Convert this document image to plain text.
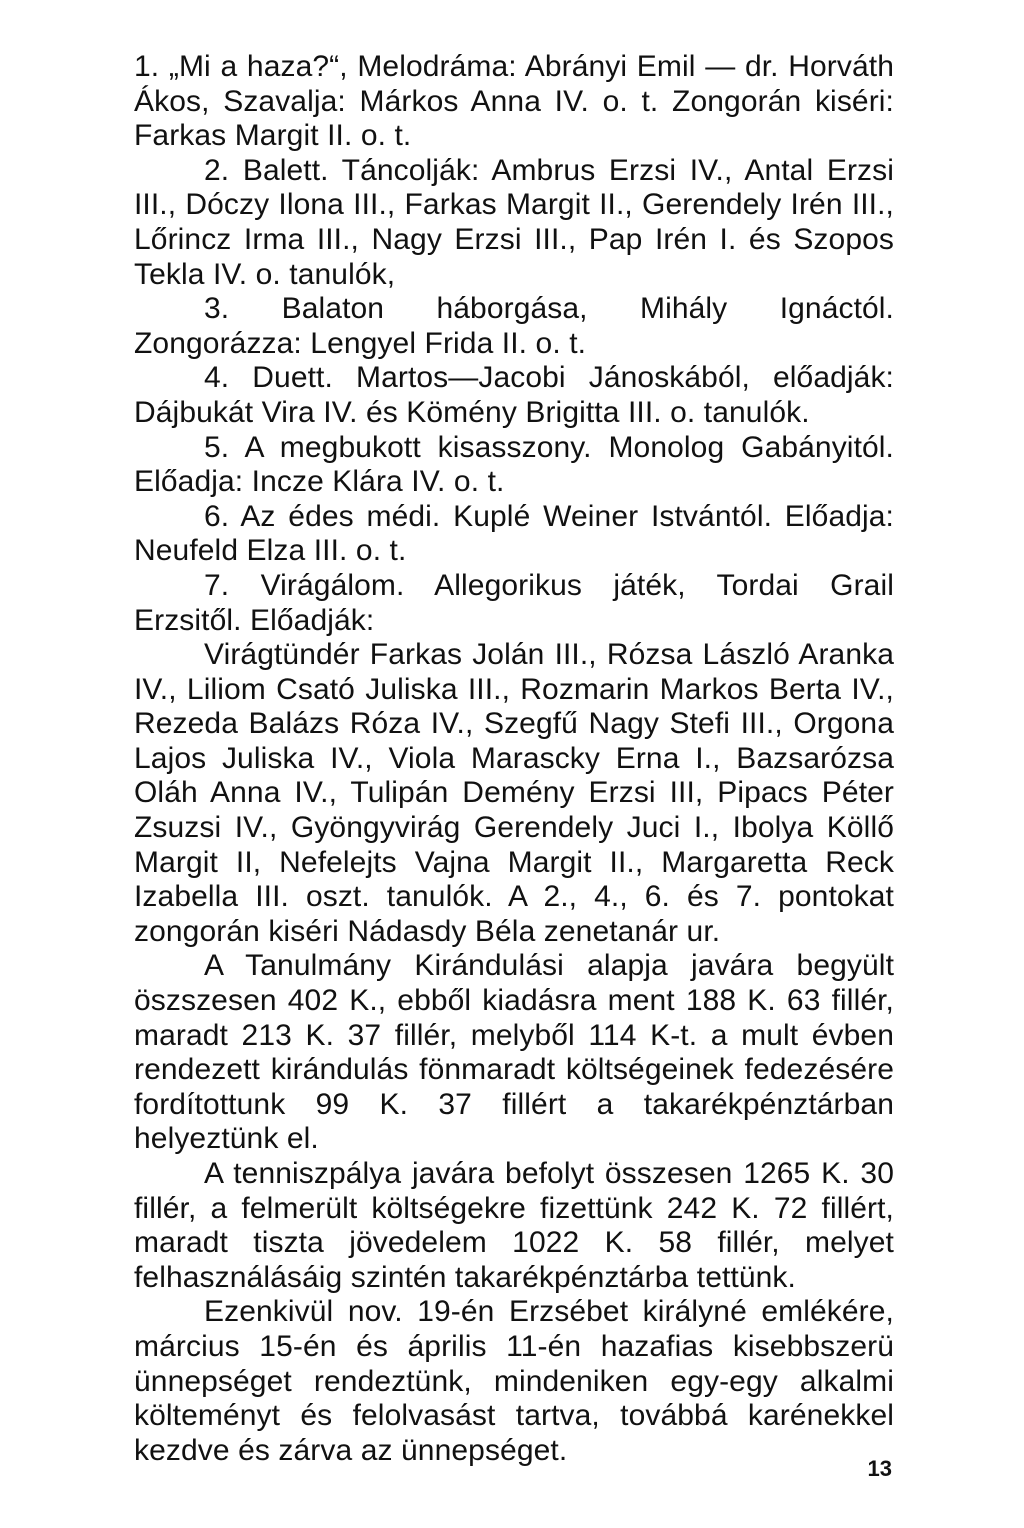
1. „Mi a haza?“, Melodráma: Abrányi Emil — dr. Horváth Ákos, Szavalja: Márkos Anna IV. o. t. Zongorán kiséri: Farkas Margit II. o. t.

2. Balett. Táncolják: Ambrus Erzsi IV., Antal Erzsi III., Dóczy Ilona III., Farkas Margit II., Gerendely Irén III., Lőrincz Irma III., Nagy Erzsi III., Pap Irén I. és Szopos Tekla IV. o. tanulók,

3. Balaton háborgása, Mihály Ignáctól. Zongorázza: Lengyel Frida II. o. t.

4. Duett. Martos—Jacobi Jánoskából, előadják: Dájbukát Vira IV. és Kömény Brigitta III. o. tanulók.

5. A megbukott kisasszony. Monolog Gabányitól. Előadja: Incze Klára IV. o. t.

6. Az édes médi. Kuplé Weiner Istvántól. Előadja: Neufeld Elza III. o. t.

7. Virágálom. Allegorikus játék, Tordai Grail Erzsitől. Előadják:

Virágtündér Farkas Jolán III., Rózsa László Aranka IV., Liliom Csató Juliska III., Rozmarin Markos Berta IV., Rezeda Balázs Róza IV., Szegfű Nagy Stefi III., Orgona Lajos Juliska IV., Viola Marascky Erna I., Bazsarózsa Oláh Anna IV., Tulipán Demény Erzsi III, Pipacs Péter Zsuzsi IV., Gyöngyvirág Gerendely Juci I., Ibolya Köllő Margit II, Nefelejts Vajna Margit II., Margaretta Reck Izabella III. oszt. tanulók. A 2., 4., 6. és 7. pontokat zongorán kiséri Nádasdy Béla zenetanár ur.

A Tanulmány Kirándulási alapja javára begyült öszszesen 402 K., ebből kiadásra ment 188 K. 63 fillér, maradt 213 K. 37 fillér, melyből 114 K-t. a mult évben rendezett kirándulás fönmaradt költségeinek fedezésére fordítottunk 99 K. 37 fillért a takarékpénztárban helyeztünk el.

A tenniszpálya javára befolyt összesen 1265 K. 30 fillér, a felmerült költségekre fizettünk 242 K. 72 fillért, maradt tiszta jövedelem 1022 K. 58 fillér, melyet felhasználásáig szintén takarékpénztárba tettünk.

Ezenkivül nov. 19-én Erzsébet királyné emlékére, március 15-én és április 11-én hazafias kisebbszerü ünnepséget rendeztünk, mindeniken egy-egy alkalmi költeményt és felolvasást tartva, továbbá karénekkel kezdve és zárva az ünnepséget.

13
